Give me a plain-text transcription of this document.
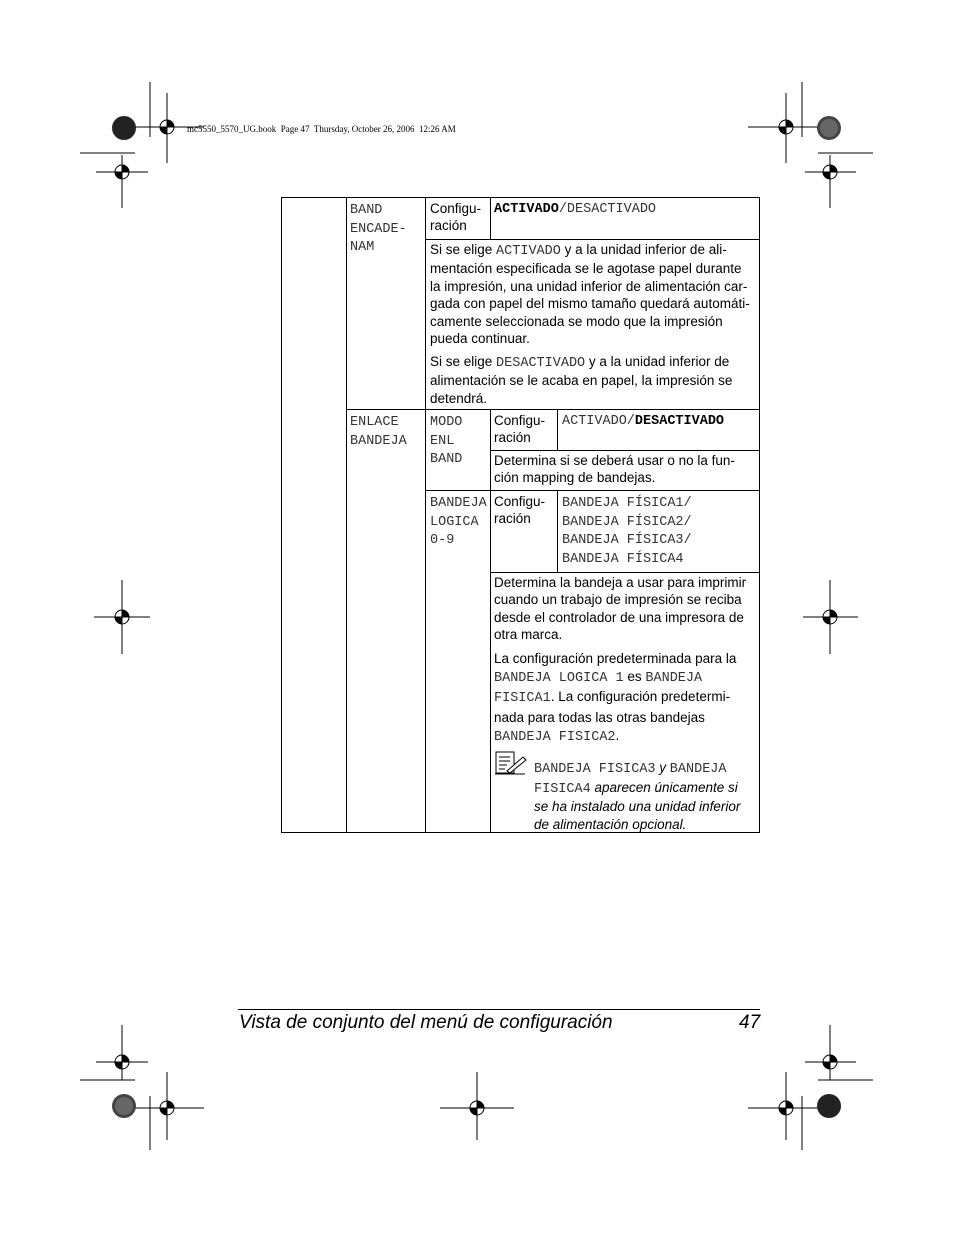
mc5550_5570_UG.book  Page 47  Thursday, October 26, 2006  12:26 AM
BAND
ENCADE-
NAM
Configu-
ración
ACTIVADO/DESACTIVADO
Si se elige ACTIVADO y a la unidad inferior de ali-
mentación especificada se le agotase papel durante
la impresión, una unidad inferior de alimentación car-
gada con papel del mismo tamaño quedará automáti-
camente seleccionada se modo que la impresión
pueda continuar.
Si se elige DESACTIVADO y a la unidad inferior de
alimentación se le acaba en papel, la impresión se
detendrá.
ENLACE
BANDEJA
MODO
ENL
BAND
Configu-
ración
ACTIVADO/DESACTIVADO
Determina si se deberá usar o no la fun-
ción mapping de bandejas.
BANDEJA
LOGICA
0-9
Configu-
ración
BANDEJA FÍSICA1/
BANDEJA FÍSICA2/
BANDEJA FÍSICA3/
BANDEJA FÍSICA4
Determina la bandeja a usar para imprimir
cuando un trabajo de impresión se reciba
desde el controlador de una impresora de
otra marca.
La configuración predeterminada para la
BANDEJA LOGICA 1 es BANDEJA
FISICA1. La configuración predetermi-
nada para todas las otras bandejas
BANDEJA FISICA2.
BANDEJA FISICA3 y BANDEJA
FISICA4 aparecen únicamente si
se ha instalado una unidad inferior
de alimentación opcional.
Vista de conjunto del menú de configuración	47
